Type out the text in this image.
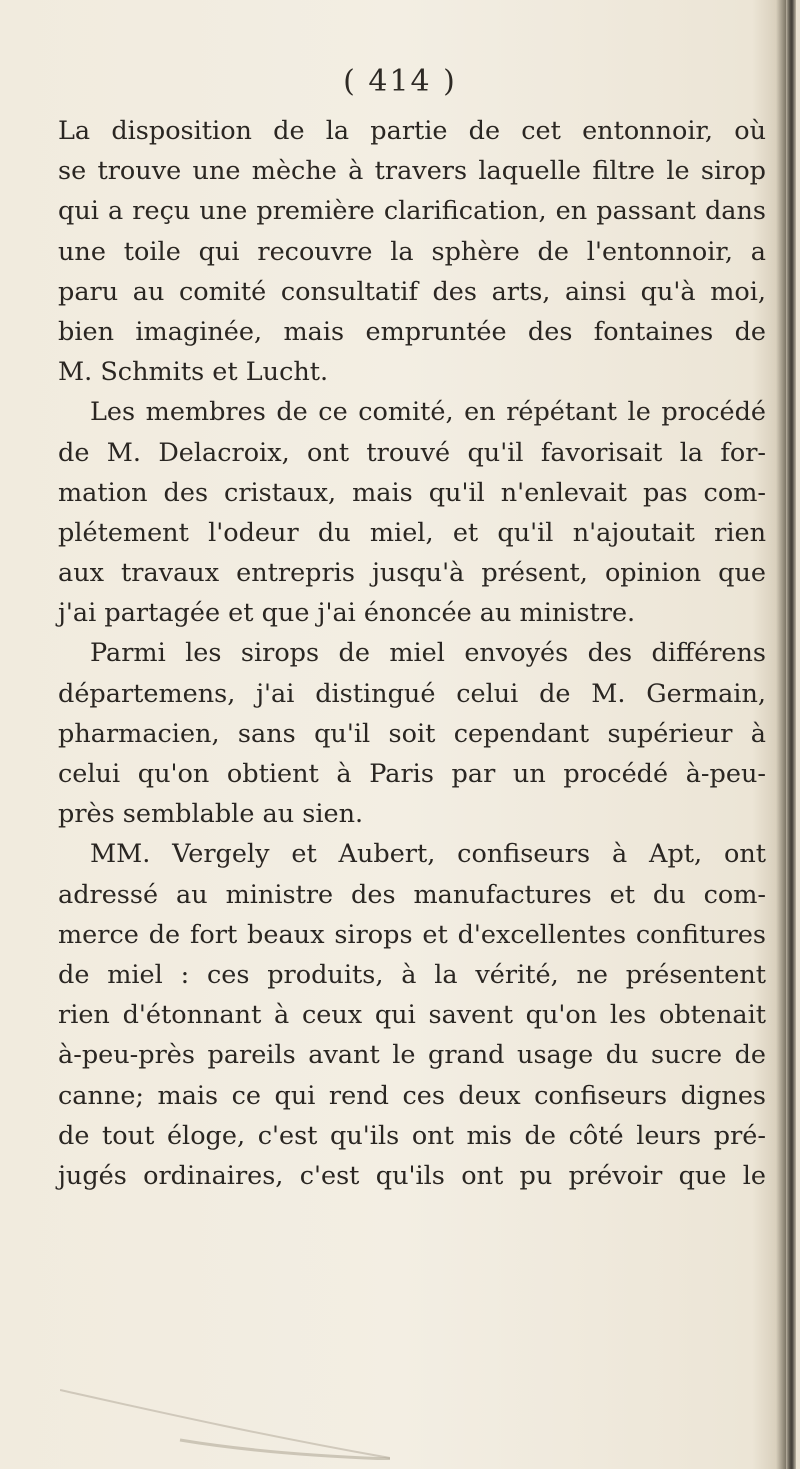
( 414 )
La disposition de la partie de cet entonnoir, où
se trouve une mèche à travers laquelle filtre le sirop
qui a reçu une première clarification, en passant dans
une toile qui recouvre la sphère de l'entonnoir, a
paru au comité consultatif des arts, ainsi qu'à moi,
bien imaginée, mais empruntée des fontaines de
M. Schmits et Lucht.
Les membres de ce comité, en répétant le procédé
de M. Delacroix, ont trouvé qu'il favorisait la for-
mation des cristaux, mais qu'il n'enlevait pas com-
plétement l'odeur du miel, et qu'il n'ajoutait rien
aux travaux entrepris jusqu'à présent, opinion que
j'ai partagée et que j'ai énoncée au ministre.
Parmi les sirops de miel envoyés des différens
départemens, j'ai distingué celui de M. Germain,
pharmacien, sans qu'il soit cependant supérieur à
celui qu'on obtient à Paris par un procédé à-peu-
près semblable au sien.
MM. Vergely et Aubert, confiseurs à Apt, ont
adressé au ministre des manufactures et du com-
merce de fort beaux sirops et d'excellentes confitures
de miel : ces produits, à la vérité, ne présentent
rien d'étonnant à ceux qui savent qu'on les obtenait
à-peu-près pareils avant le grand usage du sucre de
canne; mais ce qui rend ces deux confiseurs dignes
de tout éloge, c'est qu'ils ont mis de côté leurs pré-
jugés ordinaires, c'est qu'ils ont pu prévoir que le
